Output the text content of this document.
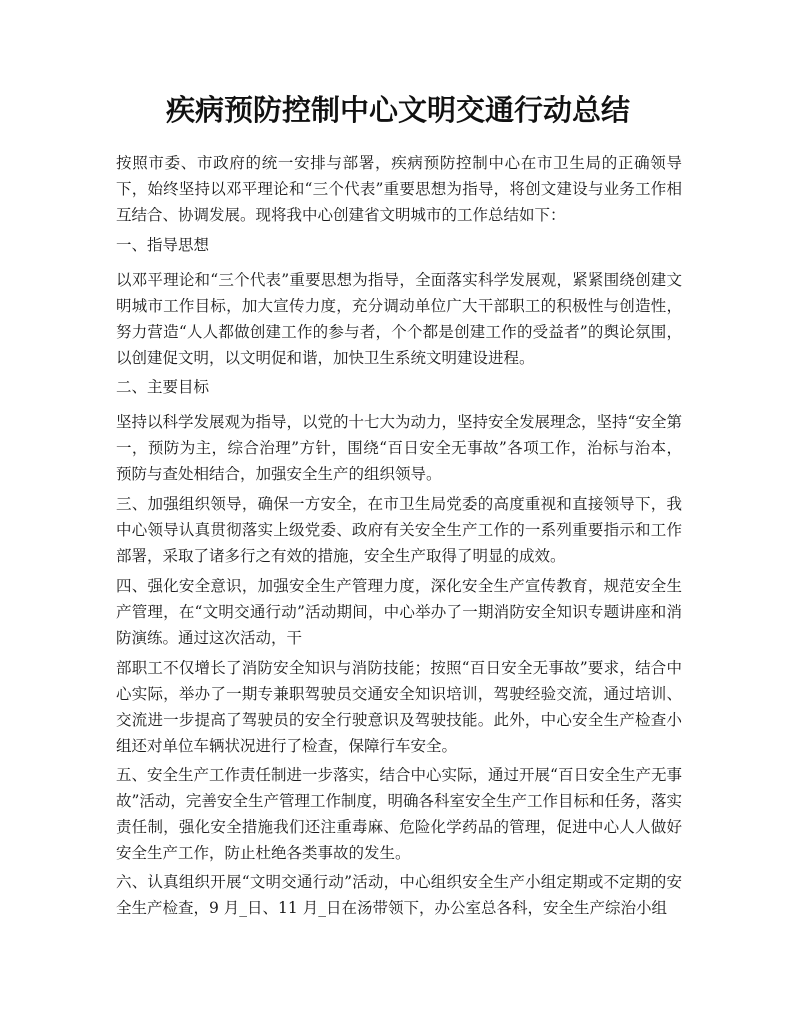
疾病预防控制中心文明交通行动总结

按照市委、市政府的统一安排与部署，疾病预防控制中心在市卫生局的正确领导下，始终坚持以邓平理论和“三个代表”重要思想为指导，将创文建设与业务工作相互结合、协调发展。现将我中心创建省文明城市的工作总结如下：

一、指导思想

以邓平理论和“三个代表”重要思想为指导，全面落实科学发展观，紧紧围绕创建文明城市工作目标，加大宣传力度，充分调动单位广大干部职工的积极性与创造性，努力营造“人人都做创建工作的参与者，个个都是创建工作的受益者”的舆论氛围，以创建促文明，以文明促和谐，加快卫生系统文明建设进程。

二、主要目标

坚持以科学发展观为指导，以党的十七大为动力，坚持安全发展理念，坚持“安全第一，预防为主，综合治理”方针，围绕“百日安全无事故”各项工作，治标与治本，预防与查处相结合，加强安全生产的组织领导。

三、加强组织领导，确保一方安全，在市卫生局党委的高度重视和直接领导下，我中心领导认真贯彻落实上级党委、政府有关安全生产工作的一系列重要指示和工作部署，采取了诸多行之有效的措施，安全生产取得了明显的成效。

四、强化安全意识，加强安全生产管理力度，深化安全生产宣传教育，规范安全生产管理，在“文明交通行动”活动期间，中心举办了一期消防安全知识专题讲座和消防演练。通过这次活动，干

部职工不仅增长了消防安全知识与消防技能；按照“百日安全无事故”要求，结合中心实际，举办了一期专兼职驾驶员交通安全知识培训，驾驶经验交流，通过培训、交流进一步提高了驾驶员的安全行驶意识及驾驶技能。此外，中心安全生产检查小组还对单位车辆状况进行了检查，保障行车安全。

五、安全生产工作责任制进一步落实，结合中心实际，通过开展“百日安全生产无事故”活动，完善安全生产管理工作制度，明确各科室安全生产工作目标和任务，落实责任制，强化安全措施我们还注重毒麻、危险化学药品的管理，促进中心人人做好安全生产工作，防止杜绝各类事故的发生。

六、认真组织开展“文明交通行动”活动，中心组织安全生产小组定期或不定期的安全生产检查，9 月_日、11 月_日在汤带领下，办公室总各科，安全生产综治小组
